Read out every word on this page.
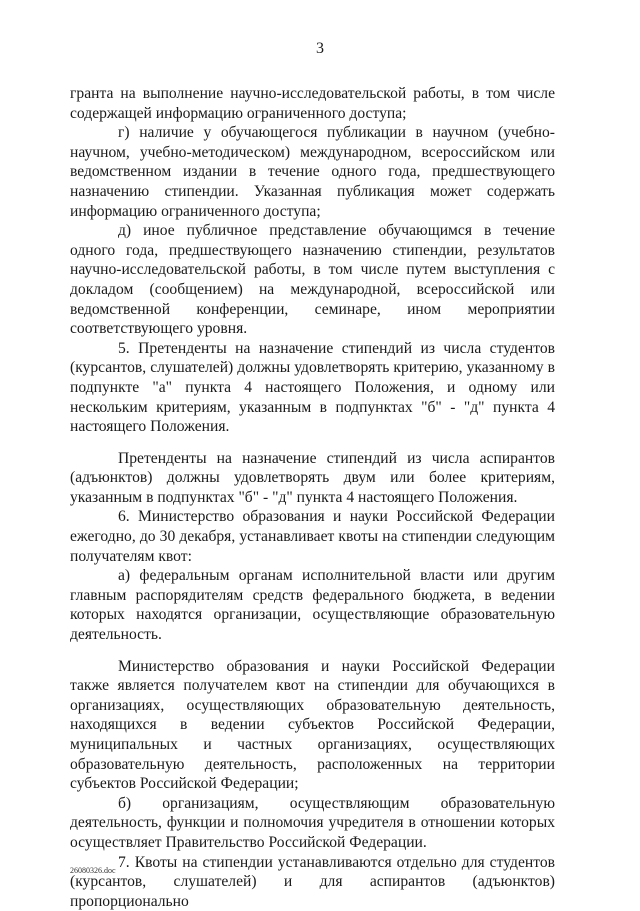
3

гранта на выполнение научно-исследовательской работы, в том числе содержащей информацию ограниченного доступа;

г) наличие у обучающегося публикации в научном (учебно-научном, учебно-методическом) международном, всероссийском или ведомственном издании в течение одного года, предшествующего назначению стипендии. Указанная публикация может содержать информацию ограниченного доступа;

д) иное публичное представление обучающимся в течение одного года, предшествующего назначению стипендии, результатов научно-исследовательской работы, в том числе путем выступления с докладом (сообщением) на международной, всероссийской или ведомственной конференции, семинаре, ином мероприятии соответствующего уровня.

5. Претенденты на назначение стипендий из числа студентов (курсантов, слушателей) должны удовлетворять критерию, указанному в подпункте "а" пункта 4 настоящего Положения, и одному или нескольким критериям, указанным в подпунктах "б" - "д" пункта 4 настоящего Положения.

Претенденты на назначение стипендий из числа аспирантов (адъюнктов) должны удовлетворять двум или более критериям, указанным в подпунктах "б" - "д" пункта 4 настоящего Положения.

6. Министерство образования и науки Российской Федерации ежегодно, до 30 декабря, устанавливает квоты на стипендии следующим получателям квот:

а) федеральным органам исполнительной власти или другим главным распорядителям средств федерального бюджета, в ведении которых находятся организации, осуществляющие образовательную деятельность.

Министерство образования и науки Российской Федерации также является получателем квот на стипендии для обучающихся в организациях, осуществляющих образовательную деятельность, находящихся в ведении субъектов Российской Федерации, муниципальных и частных организациях, осуществляющих образовательную деятельность, расположенных на территории субъектов Российской Федерации;

б) организациям, осуществляющим образовательную деятельность, функции и полномочия учредителя в отношении которых осуществляет Правительство Российской Федерации.

7. Квоты на стипендии устанавливаются отдельно для студентов (курсантов, слушателей) и для аспирантов (адъюнктов) пропорционально

26080326.doc
